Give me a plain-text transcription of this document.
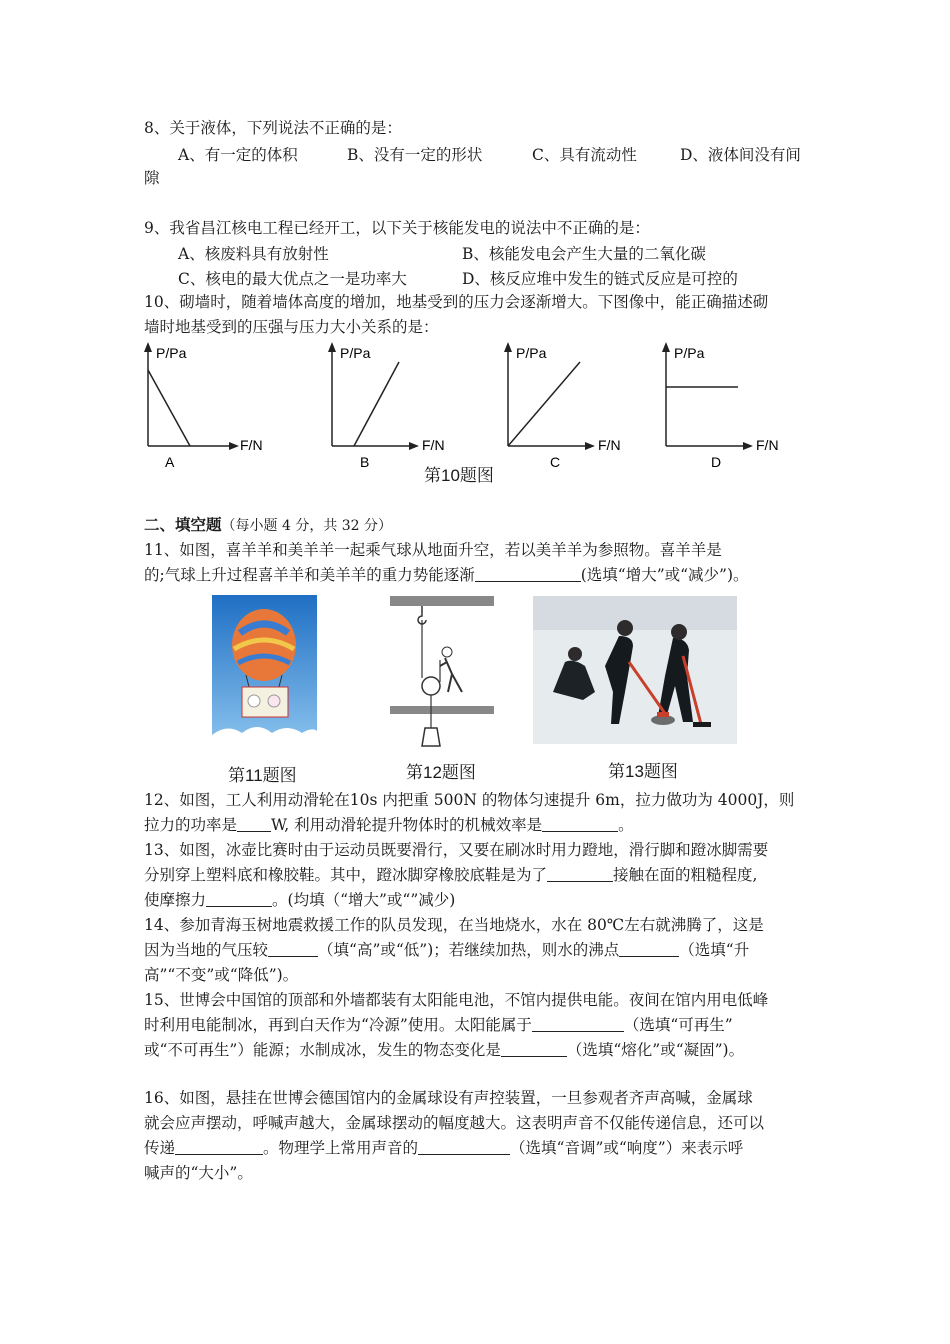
8、关于液体，下列说法不正确的是：
A、有一定的体积	B、没有一定的形状	C、具有流动性	D、液体间没有间
隙
9、我省昌江核电工程已经开工，以下关于核能发电的说法中不正确的是：
A、核废料具有放射性	B、核能发电会产生大量的二氧化碳
C、核电的最大优点之一是功率大	D、核反应堆中发生的链式反应是可控的
10、砌墙时，随着墙体高度的增加，地基受到的压力会逐渐增大。下图像中，能正确描述砌
墙时地基受到的压强与压力大小关系的是：
P/Pa
F/N
A
P/Pa
F/N
B
P/Pa
F/N
C
P/Pa
F/N
D
第10题图
二、填空题（每小题 4 分，共 32 分）
11、如图，喜羊羊和美羊羊一起乘气球从地面升空，若以美羊羊为参照物。喜羊羊是
的;气球上升过程喜羊羊和美羊羊的重力势能逐渐	(选填“增大”或“减少”)。
第11题图	第12题图	第13题图
12、如图，工人利用动滑轮在10s 内把重 500N 的物体匀速提升 6m，拉力做功为 4000J，则
拉力的功率是 W, 利用动滑轮提升物体时的机械效率是	。
13、如图，冰壶比赛时由于运动员既要滑行，又要在刷冰时用力蹬地，滑行脚和蹬冰脚需要
分别穿上塑料底和橡胶鞋。其中，蹬冰脚穿橡胶底鞋是为了	接触在面的粗糙程度,
使摩擦力	。(均填（“增大”或“”减少)
14、参加青海玉树地震救援工作的队员发现，在当地烧水，水在 80℃左右就沸腾了，这是
因为当地的气压较	（填“高”或“低”)；若继续加热，则水的沸点	（选填“升
高”“不变”或“降低”)。
15、世博会中国馆的顶部和外墙都装有太阳能电池，不馆内提供电能。夜间在馆内用电低峰
时利用电能制冰，再到白天作为“冷源”使用。太阳能属于	（选填“可再生”
或“不可再生”）能源；水制成冰，发生的物态变化是	（选填“熔化”或“凝固”)。
16、如图，悬挂在世博会德国馆内的金属球设有声控装置，一旦参观者齐声高喊，金属球
就会应声摆动，呼喊声越大，金属球摆动的幅度越大。这表明声音不仅能传递信息，还可以
传递	。物理学上常用声音的	（选填“音调”或“响度”）来表示呼
喊声的“大小”。
